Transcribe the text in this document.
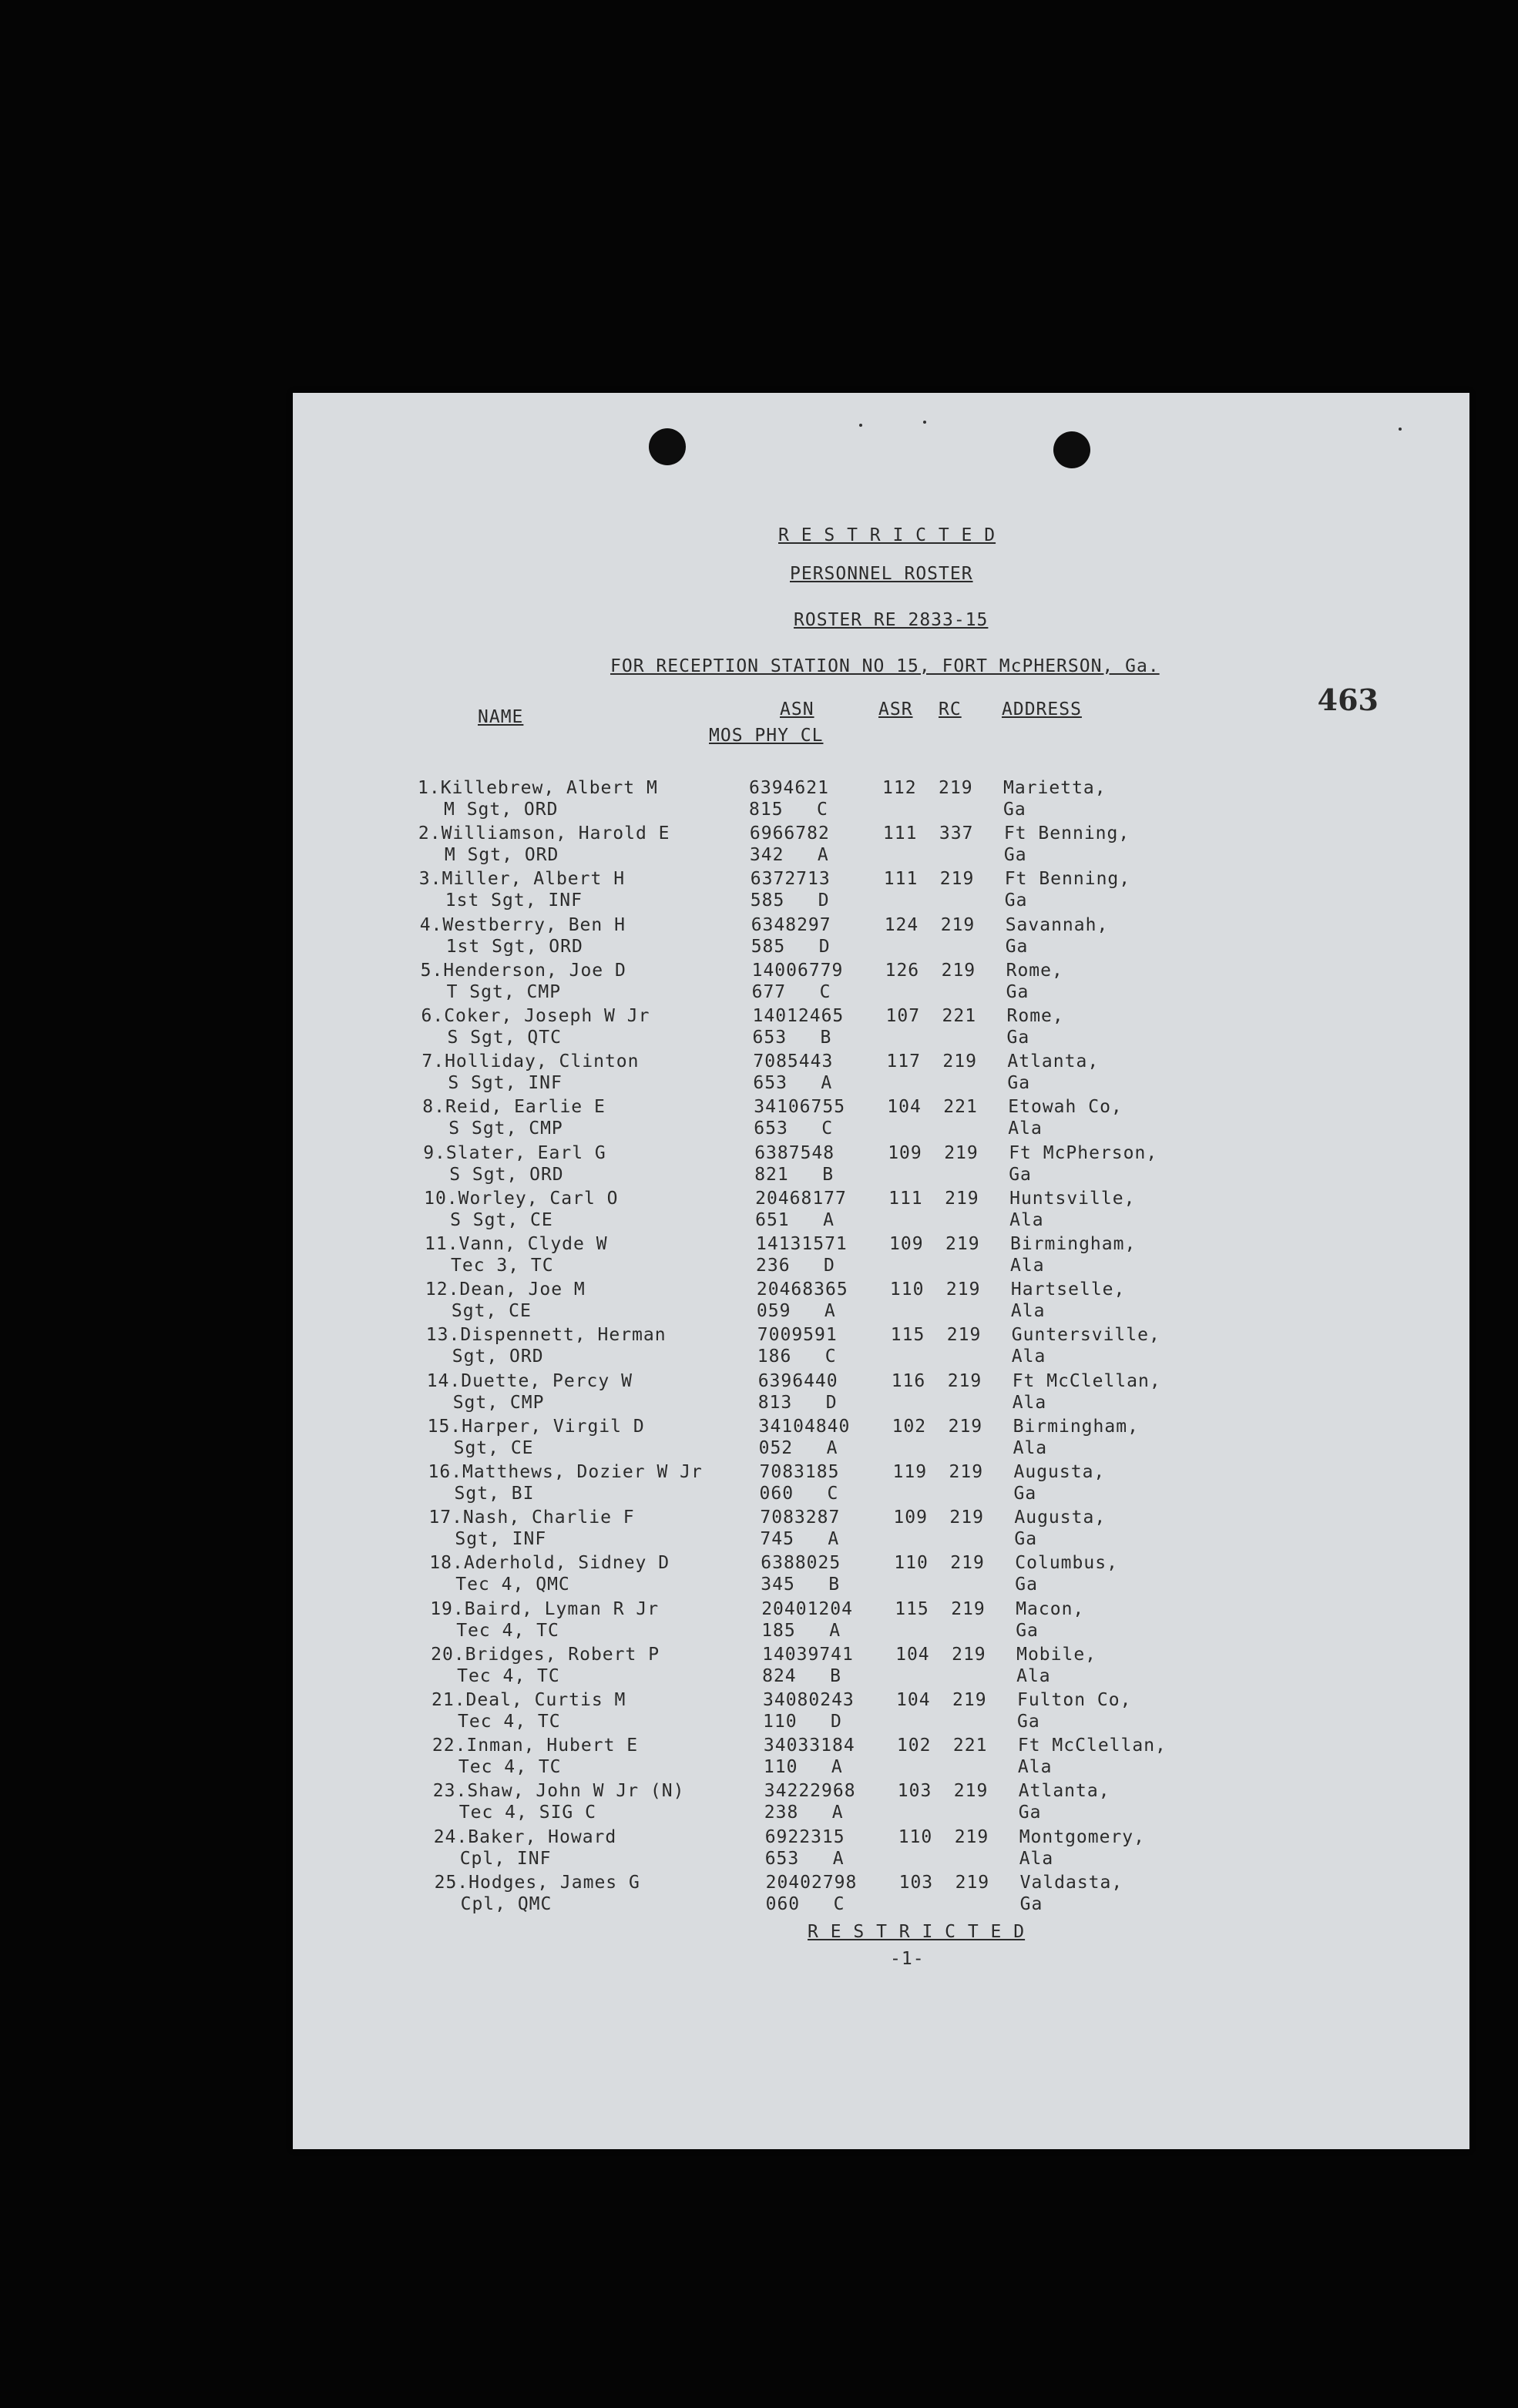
R E S T R I C T E D
PERSONNEL ROSTER
ROSTER RE 2833-15
FOR RECEPTION STATION NO 15, FORT McPHERSON, Ga.
463
NAME	ASN
MOS PHY CL
ASR RC ADDRESS
1.Killebrew, Albert M
M Sgt, ORD
6394621
815 C
112 219 Marietta,
Ga
2.Williamson, Harold E
M Sgt, ORD
6966782
342 A
111 337 Ft Benning,
Ga
3.Miller, Albert H
1st Sgt, INF
6372713
585 D
111 219 Ft Benning,
Ga
4.Westberry, Ben H
1st Sgt, ORD
6348297
585 D
124 219 Savannah,
Ga
5.Henderson, Joe D
T Sgt, CMP
14006779
677 C
126 219 Rome,
Ga
6.Coker, Joseph W Jr
S Sgt, QTC
14012465
653 B
107 221 Rome,
Ga
7.Holliday, Clinton
S Sgt, INF
7085443
653 A
117 219 Atlanta,
Ga
8.Reid, Earlie E
S Sgt, CMP
34106755
653 C
104 221 Etowah Co,
Ala
9.Slater, Earl G
S Sgt, ORD
6387548
821 B
109 219 Ft McPherson,
Ga
10.Worley, Carl O
S Sgt, CE
20468177
651 A
111 219 Huntsville,
Ala
11.Vann, Clyde W
Tec 3, TC
14131571
236 D
109 219 Birmingham,
Ala
12.Dean, Joe M
Sgt, CE
20468365
059 A
110 219 Hartselle,
Ala
13.Dispennett, Herman
Sgt, ORD
7009591
186 C
115 219 Guntersville,
Ala
14.Duette, Percy W
Sgt, CMP
6396440
813 D
116 219 Ft McClellan,
Ala
15.Harper, Virgil D
Sgt, CE
34104840
052 A
102 219 Birmingham,
Ala
16.Matthews, Dozier W Jr
Sgt, BI
7083185
060 C
119 219 Augusta,
Ga
17.Nash, Charlie F
Sgt, INF
7083287
745 A
109 219 Augusta,
Ga
18.Aderhold, Sidney D
Tec 4, QMC
6388025
345 B
110 219 Columbus,
Ga
19.Baird, Lyman R Jr
Tec 4, TC
20401204
185 A
115 219 Macon,
Ga
20.Bridges, Robert P
Tec 4, TC
14039741
824 B
104 219 Mobile,
Ala
21.Deal, Curtis M
Tec 4, TC
34080243
110 D
104 219 Fulton Co,
Ga
22.Inman, Hubert E
Tec 4, TC
34033184
110 A
102 221 Ft McClellan,
Ala
23.Shaw, John W Jr (N)
Tec 4, SIG C
34222968
238 A
103 219 Atlanta,
Ga
24.Baker, Howard
Cpl, INF
6922315
653 A
110 219 Montgomery,
Ala
25.Hodges, James G
Cpl, QMC
20402798
060 C
103 219 Valdasta,
Ga
R E S T R I C T E D
-1-
